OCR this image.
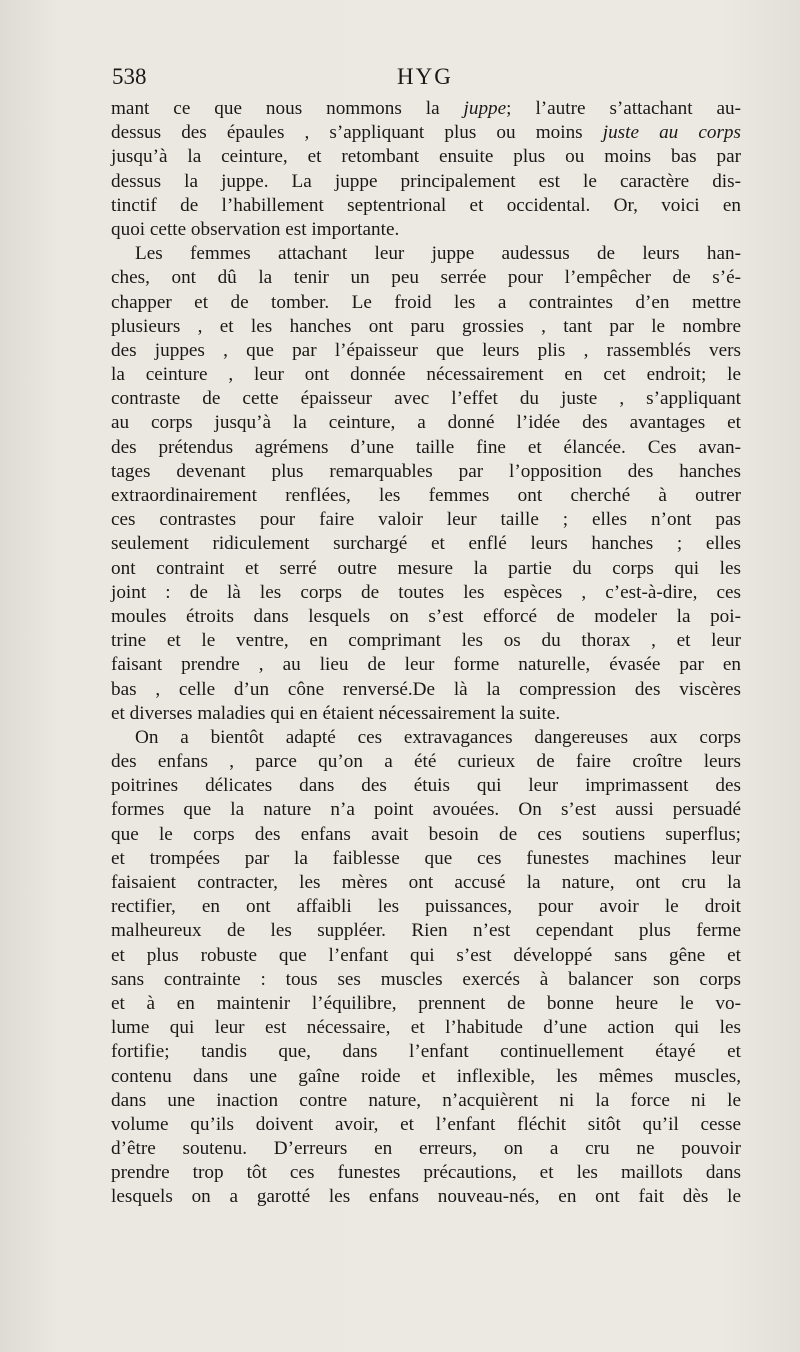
538	HYG
mant ce que nous nommons la juppe; l’autre s’attachant au-
dessus des épaules , s’appliquant plus ou moins juste au corps
jusqu’à la ceinture, et retombant ensuite plus ou moins bas par
dessus la juppe. La juppe principalement est le caractère dis-
tinctif de l’habillement septentrional et occidental. Or, voici en
quoi cette observation est importante.
Les femmes attachant leur juppe audessus de leurs han-
ches, ont dû la tenir un peu serrée pour l’empêcher de s’é-
chapper et de tomber. Le froid les a contraintes d’en mettre
plusieurs , et les hanches ont paru grossies , tant par le nombre
des juppes , que par l’épaisseur que leurs plis , rassemblés vers
la ceinture , leur ont donnée nécessairement en cet endroit; le
contraste de cette épaisseur avec l’effet du juste , s’appliquant
au corps jusqu’à la ceinture, a donné l’idée des avantages et
des prétendus agrémens d’une taille fine et élancée. Ces avan-
tages devenant plus remarquables par l’opposition des hanches
extraordinairement renflées, les femmes ont cherché à outrer
ces contrastes pour faire valoir leur taille ; elles n’ont pas
seulement ridiculement surchargé et enflé leurs hanches ; elles
ont contraint et serré outre mesure la partie du corps qui les
joint : de là les corps de toutes les espèces , c’est-à-dire, ces
moules étroits dans lesquels on s’est efforcé de modeler la poi-
trine et le ventre, en comprimant les os du thorax , et leur
faisant prendre , au lieu de leur forme naturelle, évasée par en
bas , celle d’un cône renversé.De là la compression des viscères
et diverses maladies qui en étaient nécessairement la suite.
On a bientôt adapté ces extravagances dangereuses aux corps
des enfans , parce qu’on a été curieux de faire croître leurs
poitrines délicates dans des étuis qui leur imprimassent des
formes que la nature n’a point avouées. On s’est aussi persuadé
que le corps des enfans avait besoin de ces soutiens superflus;
et trompées par la faiblesse que ces funestes machines leur
faisaient contracter, les mères ont accusé la nature, ont cru la
rectifier, en ont affaibli les puissances, pour avoir le droit
malheureux de les suppléer. Rien n’est cependant plus ferme
et plus robuste que l’enfant qui s’est développé sans gêne et
sans contrainte : tous ses muscles exercés à balancer son corps
et à en maintenir l’équilibre, prennent de bonne heure le vo-
lume qui leur est nécessaire, et l’habitude d’une action qui les
fortifie; tandis que, dans l’enfant continuellement étayé et
contenu dans une gaîne roide et inflexible, les mêmes muscles,
dans une inaction contre nature, n’acquièrent ni la force ni le
volume qu’ils doivent avoir, et l’enfant fléchit sitôt qu’il cesse
d’être soutenu. D’erreurs en erreurs, on a cru ne pouvoir
prendre trop tôt ces funestes précautions, et les maillots dans
lesquels on a garotté les enfans nouveau-nés, en ont fait dès le
